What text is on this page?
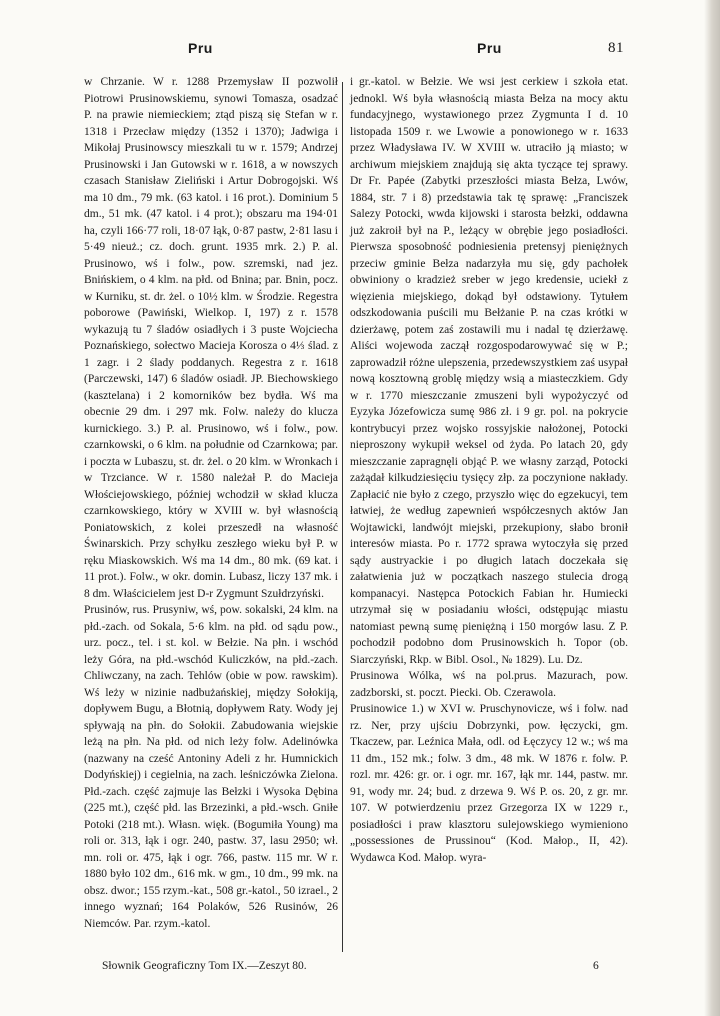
Pru	Pru	81

w Chrzanie. W r. 1288 Przemysław II pozwolił Piotrowi Prusinowskiemu, synowi Tomasza, osadzać P. na prawie niemieckiem; ztąd piszą się Stefan w r. 1318 i Przecław między (1352 i 1370); Jadwiga i Mikołaj Prusinowscy mieszkali tu w r. 1579; Andrzej Prusinowski i Jan Gutowski w r. 1618, a w nowszych czasach Stanisław Zieliński i Artur Dobrogojski. Wś ma 10 dm., 79 mk. (63 katol. i 16 prot.). Dominium 5 dm., 51 mk. (47 katol. i 4 prot.); obszaru ma 194·01 ha, czyli 166·77 roli, 18·07 łąk, 0·87 pastw, 2·81 lasu i 5·49 nieuż.; cz. doch. grunt. 1935 mrk. 2.) P. al. Prusinowo, wś i folw., pow. szremski, nad jez. Bnińskiem, o 4 klm. na płd. od Bnina; par. Bnin, pocz. w Kurniku, st. dr. żel. o 10½ klm. w Środzie. Regestra poborowe (Pawiński, Wielkop. I, 197) z r. 1578 wykazują tu 7 śladów osiadłych i 3 puste Wojciecha Poznańskiego, sołectwo Macieja Korosza o 4⅓ ślad. z 1 zagr. i 2 ślady poddanych. Regestra z r. 1618 (Parczewski, 147) 6 śladów osiadł. JP. Biechowskiego (kasztelana) i 2 komorników bez bydła. Wś ma obecnie 29 dm. i 297 mk. Folw. należy do klucza kurnickiego. 3.) P. al. Prusinowo, wś i folw., pow. czarnkowski, o 6 klm. na południe od Czarnkowa; par. i poczta w Lubaszu, st. dr. żel. o 20 klm. w Wronkach i w Trzciance. W r. 1580 należał P. do Macieja Włościejowskiego, później wchodził w skład klucza czarnkowskiego, który w XVIII w. był własnością Poniatowskich, z kolei przeszedł na własność Świnarskich. Przy schyłku zeszłego wieku był P. w ręku Miaskowskich. Wś ma 14 dm., 80 mk. (69 kat. i 11 prot.). Folw., w okr. domin. Lubasz, liczy 137 mk. i 8 dm. Właścicielem jest D-r Zygmunt Szułdrzyński.

Prusinów, rus. Prusyniw, wś, pow. sokalski, 24 klm. na płd.-zach. od Sokala, 5·6 klm. na płd. od sądu pow., urz. pocz., tel. i st. kol. w Bełzie. Na płn. i wschód leży Góra, na płd.-wschód Kuliczków, na płd.-zach. Chliwczany, na zach. Tehlów (obie w pow. rawskim). Wś leży w nizinie nadbużańskiej, między Sołokiją, dopływem Bugu, a Błotnią, dopływem Raty. Wody jej spływają na płn. do Sołokii. Zabudowania wiejskie leżą na płn. Na płd. od nich leży folw. Adelinówka (nazwany na cześć Antoniny Adeli z hr. Humnickich Dodyńskiej) i cegielnia, na zach. leśniczówka Zielona. Płd.-zach. część zajmuje las Bełzki i Wysoka Dębina (225 mt.), część płd. las Brzezinki, a płd.-wsch. Gniłe Potoki (218 mt.). Własn. więk. (Bogumiła Young) ma roli or. 313, łąk i ogr. 240, pastw. 37, lasu 2950; wł. mn. roli or. 475, łąk i ogr. 766, pastw. 115 mr. W r. 1880 było 102 dm., 616 mk. w gm., 10 dm., 99 mk. na obsz. dwor.; 155 rzym.-kat., 508 gr.-katol., 50 izrael., 2 innego wyznań; 164 Polaków, 526 Rusinów, 26 Niemców. Par. rzym.-katol.

i gr.-katol. w Bełzie. We wsi jest cerkiew i szkoła etat. jednokl. Wś była własnością miasta Bełza na mocy aktu fundacyjnego, wystawionego przez Zygmunta I d. 10 listopada 1509 r. we Lwowie a ponowionego w r. 1633 przez Władysława IV. W XVIII w. utraciło ją miasto; w archiwum miejskiem znajdują się akta tyczące tej sprawy. Dr Fr. Papée (Zabytki przeszłości miasta Bełza, Lwów, 1884, str. 7 i 8) przedstawia tak tę sprawę: „Franciszek Salezy Potocki, wwda kijowski i starosta bełzki, oddawna już zakroił był na P., leżący w obrębie jego posiadłości. Pierwsza sposobność podniesienia pretensyj pieniężnych przeciw gminie Bełza nadarzyła mu się, gdy pachołek obwiniony o kradzież sreber w jego kredensie, uciekł z więzienia miejskiego, dokąd był odstawiony. Tytułem odszkodowania puścili mu Bełżanie P. na czas krótki w dzierżawę, potem zaś zostawili mu i nadal tę dzierżawę. Aliści wojewoda zaczął rozgospodarowywać się w P.; zaprowadził różne ulepszenia, przedewszystkiem zaś usypał nową kosztowną groblę między wsią a miasteczkiem. Gdy w r. 1770 mieszczanie zmuszeni byli wypożyczyć od Eyzyka Józefowicza sumę 986 zł. i 9 gr. pol. na pokrycie kontrybucyi przez wojsko rossyjskie nałożonej, Potocki nieproszony wykupił weksel od żyda. Po latach 20, gdy mieszczanie zapragnęli objąć P. we własny zarząd, Potocki zażądał kilkudziesięciu tysięcy złp. za poczynione nakłady. Zapłacić nie było z czego, przyszło więc do egzekucyi, tem łatwiej, że według zapewnień współczesnych aktów Jan Wojtawicki, landwójt miejski, przekupiony, słabo bronił interesów miasta. Po r. 1772 sprawa wytoczyła się przed sądy austryackie i po długich latach doczekała się załatwienia już w początkach naszego stulecia drogą kompanacyi. Następca Potockich Fabian hr. Humiecki utrzymał się w posiadaniu włości, odstępując miastu natomiast pewną sumę pieniężną i 150 morgów lasu. Z P. pochodził podobno dom Prusinowskich h. Topor (ob. Siarczyński, Rkp. w Bibl. Osol., № 1829). Lu. Dz.

Prusinowa Wólka, wś na pol.prus. Mazurach, pow. zadzborski, st. poczt. Piecki. Ob. Czerawola.

Prusinowice 1.) w XVI w. Pruschynovicze, wś i folw. nad rz. Ner, przy ujściu Dobrzynki, pow. łęczycki, gm. Tkaczew, par. Leźnica Mała, odl. od Łęczycy 12 w.; wś ma 11 dm., 152 mk.; folw. 3 dm., 48 mk. W 1876 r. folw. P. rozl. mr. 426: gr. or. i ogr. mr. 167, łąk mr. 144, pastw. mr. 91, wody mr. 24; bud. z drzewa 9. Wś P. os. 20, z gr. mr. 107. W potwierdzeniu przez Grzegorza IX w 1229 r., posiadłości i praw klasztoru sulejowskiego wymieniono „possessiones de Prussinou“ (Kod. Małop., II, 42). Wydawca Kod. Małop. wyra-

Słownik Geograficzny Tom IX.—Zeszyt 80.	6
